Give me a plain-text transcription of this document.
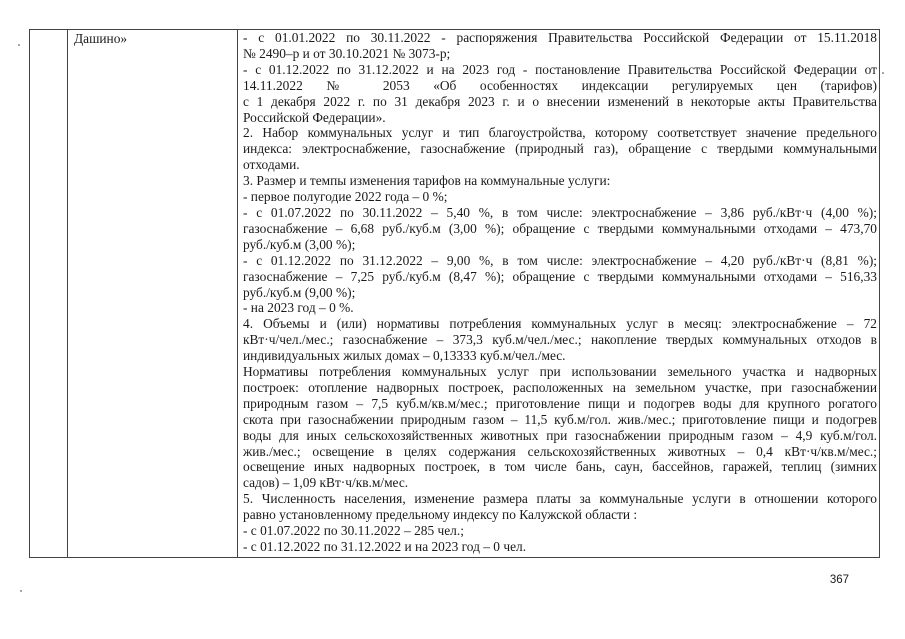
Дашино»	- с 01.01.2022 по 30.11.2022 - распоряжения Правительства Российской Федерации от 15.11.2018

№ 2490–р и от 30.10.2021 № 3073-р;

- с 01.12.2022 по 31.12.2022 и на 2023 год - постановление Правительства Российской Федерации от

14.11.2022 № 2053 «Об особенностях индексации регулируемых цен (тарифов)

с 1 декабря 2022 г. по 31 декабря 2023 г. и о внесении изменений в некоторые акты Правительства

Российской Федерации».

2. Набор коммунальных услуг и тип благоустройства, которому соответствует значение предельного

индекса: электроснабжение, газоснабжение (природный газ), обращение с твердыми коммунальными

отходами.

3. Размер и темпы изменения тарифов на коммунальные услуги:

- первое полугодие 2022 года – 0 %;

- с 01.07.2022 по 30.11.2022 – 5,40 %, в том числе: электроснабжение – 3,86 руб./кВт·ч (4,00 %);

газоснабжение – 6,68 руб./куб.м (3,00 %); обращение с твердыми коммунальными отходами – 473,70

руб./куб.м (3,00 %);

- с 01.12.2022 по 31.12.2022 – 9,00 %, в том числе: электроснабжение – 4,20 руб./кВт·ч (8,81 %);

газоснабжение – 7,25 руб./куб.м (8,47 %); обращение с твердыми коммунальными отходами – 516,33

руб./куб.м (9,00 %);

- на 2023 год – 0 %.

4. Объемы и (или) нормативы потребления коммунальных услуг в месяц: электроснабжение – 72

кВт·ч/чел./мес.; газоснабжение – 373,3 куб.м/чел./мес.; накопление твердых коммунальных отходов в

индивидуальных жилых домах – 0,13333 куб.м/чел./мес.

Нормативы потребления коммунальных услуг при использовании земельного участка и надворных

построек: отопление надворных построек, расположенных на земельном участке, при газоснабжении

природным газом – 7,5 куб.м/кв.м/мес.; приготовление пищи и подогрев воды для крупного рогатого

скота при газоснабжении природным газом – 11,5 куб.м/гол. жив./мес.; приготовление пищи и подогрев

воды для иных сельскохозяйственных животных при газоснабжении природным газом – 4,9 куб.м/гол.

жив./мес.; освещение в целях содержания сельскохозяйственных животных – 0,4 кВт·ч/кв.м/мес.;

освещение иных надворных построек, в том числе бань, саун, бассейнов, гаражей, теплиц (зимних

садов) – 1,09 кВт·ч/кв.м/мес.

5. Численность населения, изменение размера платы за коммунальные услуги в отношении которого

равно установленному предельному индексу по Калужской области :

- с 01.07.2022 по 30.11.2022 – 285 чел.;

- с 01.12.2022 по 31.12.2022 и на 2023 год – 0 чел.

367
